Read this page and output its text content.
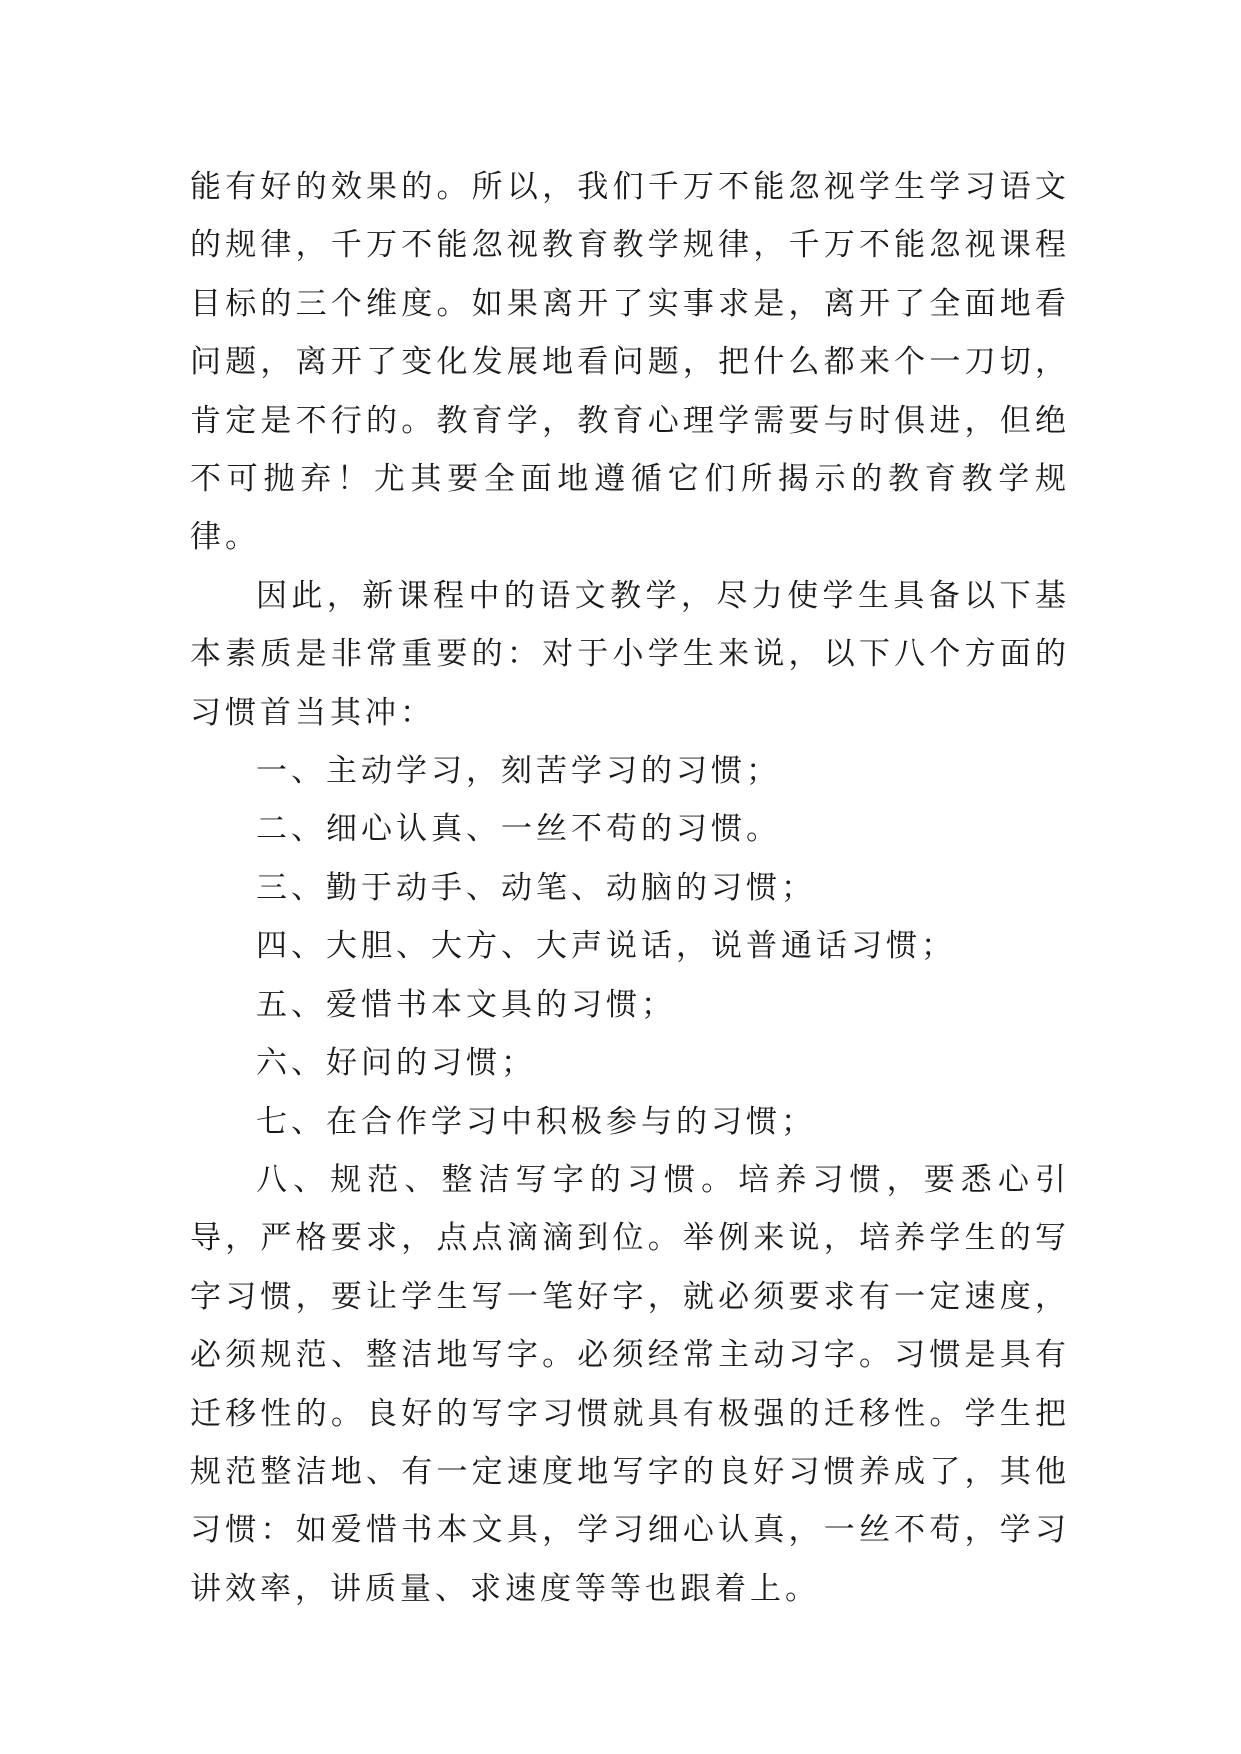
能有好的效果的。所以，我们千万不能忽视学生学习语文的规律，千万不能忽视教育教学规律，千万不能忽视课程目标的三个维度。如果离开了实事求是，离开了全面地看问题，离开了变化发展地看问题，把什么都来个一刀切，肯定是不行的。教育学，教育心理学需要与时俱进，但绝不可抛弃！尤其要全面地遵循它们所揭示的教育教学规律。

因此，新课程中的语文教学，尽力使学生具备以下基本素质是非常重要的：对于小学生来说，以下八个方面的习惯首当其冲：

一、主动学习，刻苦学习的习惯；

二、细心认真、一丝不苟的习惯。

三、勤于动手、动笔、动脑的习惯；

四、大胆、大方、大声说话，说普通话习惯；

五、爱惜书本文具的习惯；

六、好问的习惯；

七、在合作学习中积极参与的习惯；

八、规范、整洁写字的习惯。培养习惯，要悉心引导，严格要求，点点滴滴到位。举例来说，培养学生的写字习惯，要让学生写一笔好字，就必须要求有一定速度，必须规范、整洁地写字。必须经常主动习字。习惯是具有迁移性的。良好的写字习惯就具有极强的迁移性。学生把规范整洁地、有一定速度地写字的良好习惯养成了，其他习惯：如爱惜书本文具，学习细心认真，一丝不苟，学习讲效率，讲质量、求速度等等也跟着上。
